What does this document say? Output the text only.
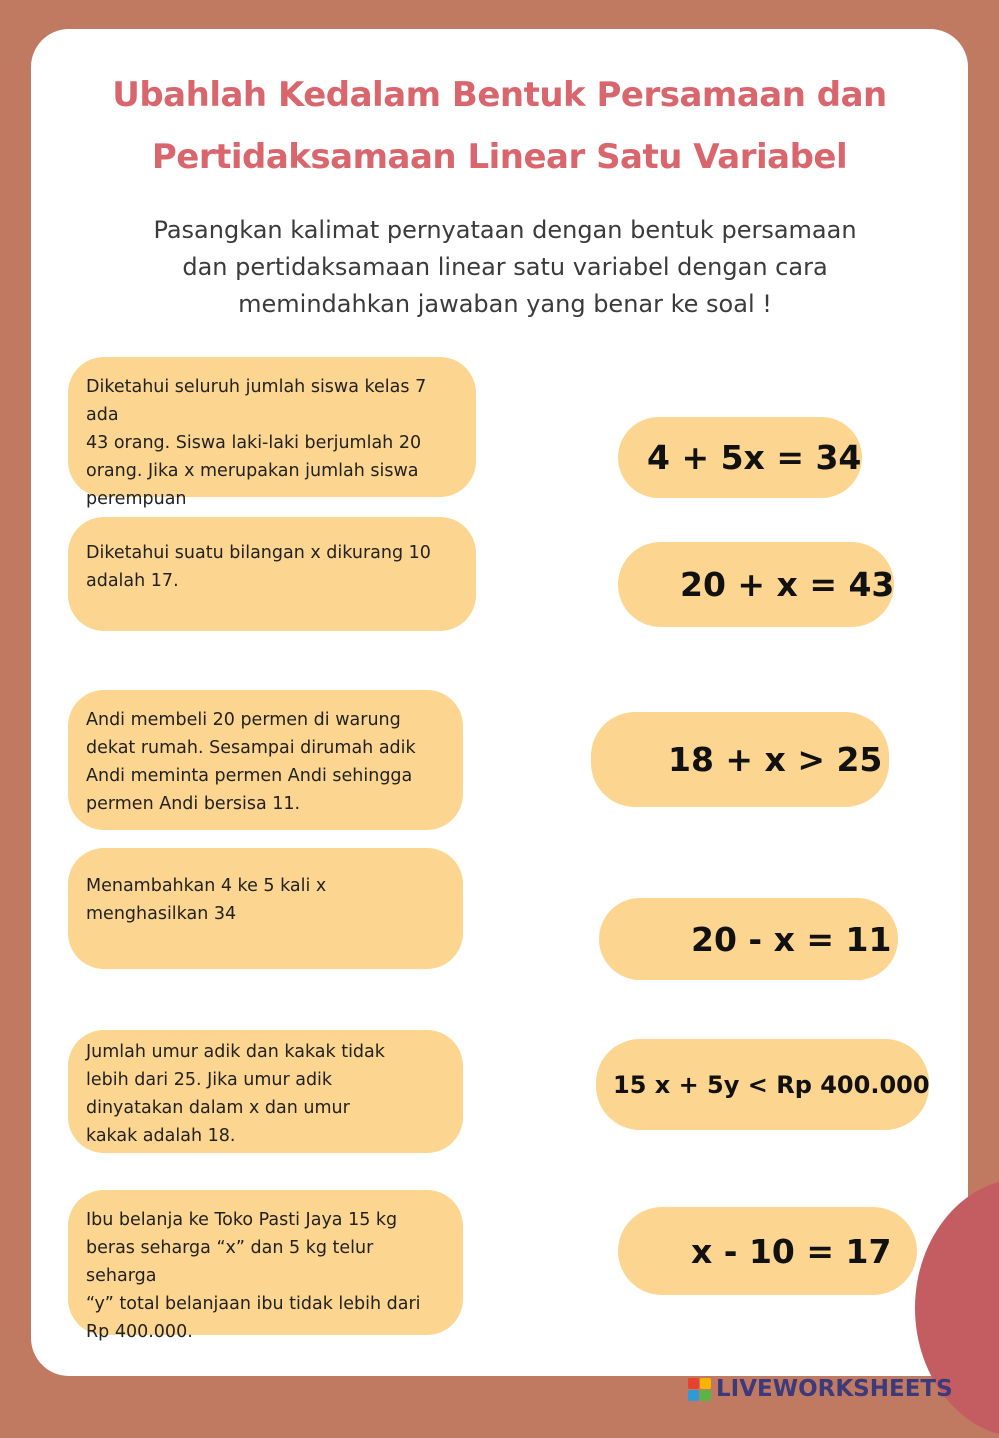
Ubahlah Kedalam Bentuk Persamaan dan
Pertidaksamaan Linear Satu Variabel

Pasangkan kalimat pernyataan dengan bentuk persamaan
dan pertidaksamaan linear satu variabel dengan cara
memindahkan jawaban yang benar ke soal !

Diketahui seluruh jumlah siswa kelas 7 ada
43 orang. Siswa laki-laki berjumlah 20
orang. Jika x merupakan jumlah siswa
perempuan
Diketahui suatu bilangan x dikurang 10
adalah 17.
Andi membeli 20 permen di warung
dekat rumah. Sesampai dirumah adik
Andi meminta permen Andi sehingga
permen Andi bersisa 11.
Menambahkan 4 ke 5 kali x
menghasilkan 34
Jumlah umur adik dan kakak tidak
lebih dari 25. Jika umur adik
dinyatakan dalam x dan umur
kakak adalah 18.
Ibu belanja ke Toko Pasti Jaya 15 kg
beras seharga “x” dan 5 kg telur seharga
“y” total belanjaan ibu tidak lebih dari
Rp 400.000.
4 + 5x = 34
20 + x = 43
18 + x > 25
20 - x = 11
15 x + 5y < Rp 400.000
x - 10 = 17
LIVEWORKSHEETS
